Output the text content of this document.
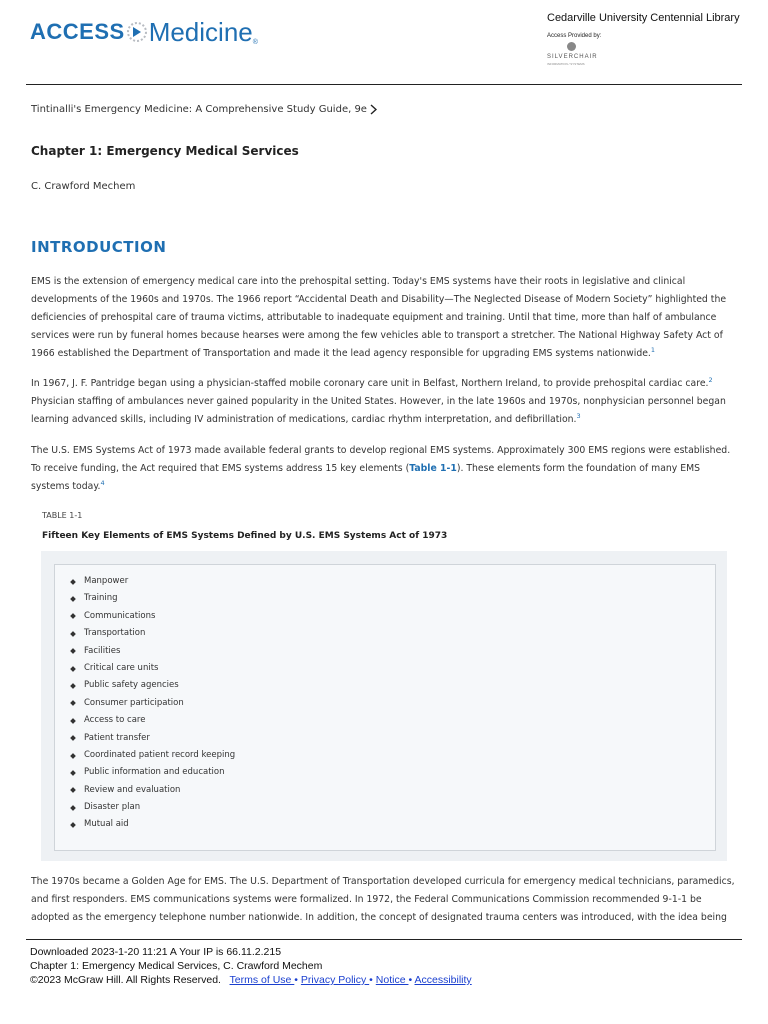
ACCESS Medicine ®
Cedarville University Centennial Library
Access Provided by:
SILVERCHAIR
INFORMATION / SYSTEMS
Tintinalli's Emergency Medicine: A Comprehensive Study Guide, 9e
Chapter 1: Emergency Medical Services
C. Crawford Mechem
INTRODUCTION
EMS is the extension of emergency medical care into the prehospital setting. Today's EMS systems have their roots in legislative and clinical developments of the 1960s and 1970s. The 1966 report “Accidental Death and Disability—The Neglected Disease of Modern Society” highlighted the deficiencies of prehospital care of trauma victims, attributable to inadequate equipment and training. Until that time, more than half of ambulance services were run by funeral homes because hearses were among the few vehicles able to transport a stretcher. The National Highway Safety Act of 1966 established the Department of Transportation and made it the lead agency responsible for upgrading EMS systems nationwide.$^1$
In 1967, J. F. Pantridge began using a physician-staffed mobile coronary care unit in Belfast, Northern Ireland, to provide prehospital cardiac care.$^2$ Physician staffing of ambulances never gained popularity in the United States. However, in the late 1960s and 1970s, nonphysician personnel began learning advanced skills, including IV administration of medications, cardiac rhythm interpretation, and defibrillation.$^3$
The U.S. EMS Systems Act of 1973 made available federal grants to develop regional EMS systems. Approximately 300 EMS regions were established. To receive funding, the Act required that EMS systems address 15 key elements (Table 1-1). These elements form the foundation of many EMS systems today.$^4$
TABLE 1-1
Fifteen Key Elements of EMS Systems Defined by U.S. EMS Systems Act of 1973
Manpower
Training
Communications
Transportation
Facilities
Critical care units
Public safety agencies
Consumer participation
Access to care
Patient transfer
Coordinated patient record keeping
Public information and education
Review and evaluation
Disaster plan
Mutual aid
The 1970s became a Golden Age for EMS. The U.S. Department of Transportation developed curricula for emergency medical technicians, paramedics, and first responders. EMS communications systems were formalized. In 1972, the Federal Communications Commission recommended 9-1-1 be adopted as the emergency telephone number nationwide. In addition, the concept of designated trauma centers was introduced, with the idea being
Downloaded 2023-1-20 11:21 A Your IP is 66.11.2.215
Chapter 1: Emergency Medical Services, C. Crawford Mechem
©2023 McGraw Hill. All Rights Reserved. Terms of Use • Privacy Policy • Notice • Accessibility
